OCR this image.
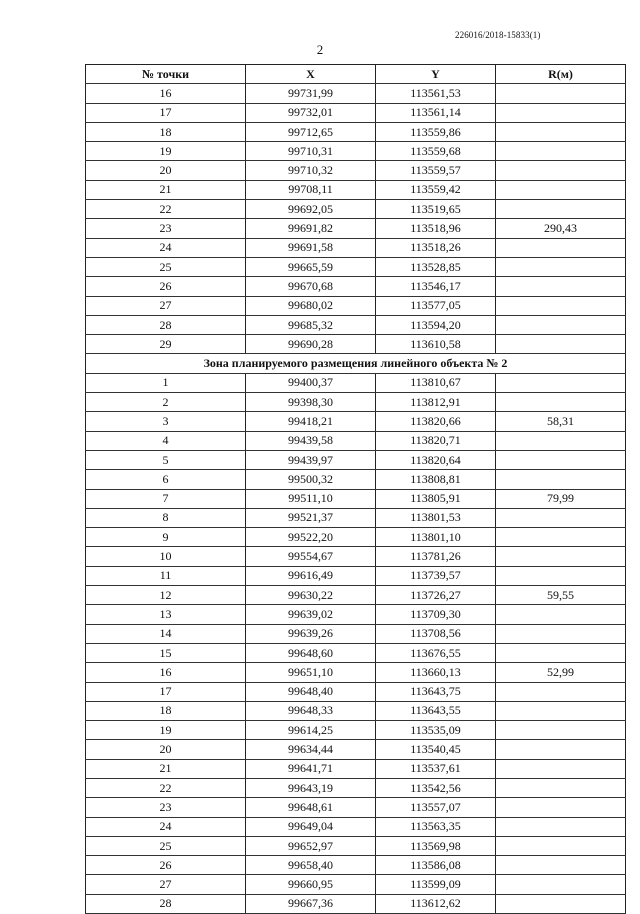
226016/2018-15833(1)
2
№ точки	X	Y	R(м)
16	99731,99	113561,53	
17	99732,01	113561,14	
18	99712,65	113559,86	
19	99710,31	113559,68	
20	99710,32	113559,57	
21	99708,11	113559,42	
22	99692,05	113519,65	
23	99691,82	113518,96	290,43
24	99691,58	113518,26	
25	99665,59	113528,85	
26	99670,68	113546,17	
27	99680,02	113577,05	
28	99685,32	113594,20	
29	99690,28	113610,58	
Зона планируемого размещения линейного объекта № 2			
1	99400,37	113810,67	
2	99398,30	113812,91	
3	99418,21	113820,66	58,31
4	99439,58	113820,71	
5	99439,97	113820,64	
6	99500,32	113808,81	
7	99511,10	113805,91	79,99
8	99521,37	113801,53	
9	99522,20	113801,10	
10	99554,67	113781,26	
11	99616,49	113739,57	
12	99630,22	113726,27	59,55
13	99639,02	113709,30	
14	99639,26	113708,56	
15	99648,60	113676,55	
16	99651,10	113660,13	52,99
17	99648,40	113643,75	
18	99648,33	113643,55	
19	99614,25	113535,09	
20	99634,44	113540,45	
21	99641,71	113537,61	
22	99643,19	113542,56	
23	99648,61	113557,07	
24	99649,04	113563,35	
25	99652,97	113569,98	
26	99658,40	113586,08	
27	99660,95	113599,09	
28	99667,36	113612,62	
